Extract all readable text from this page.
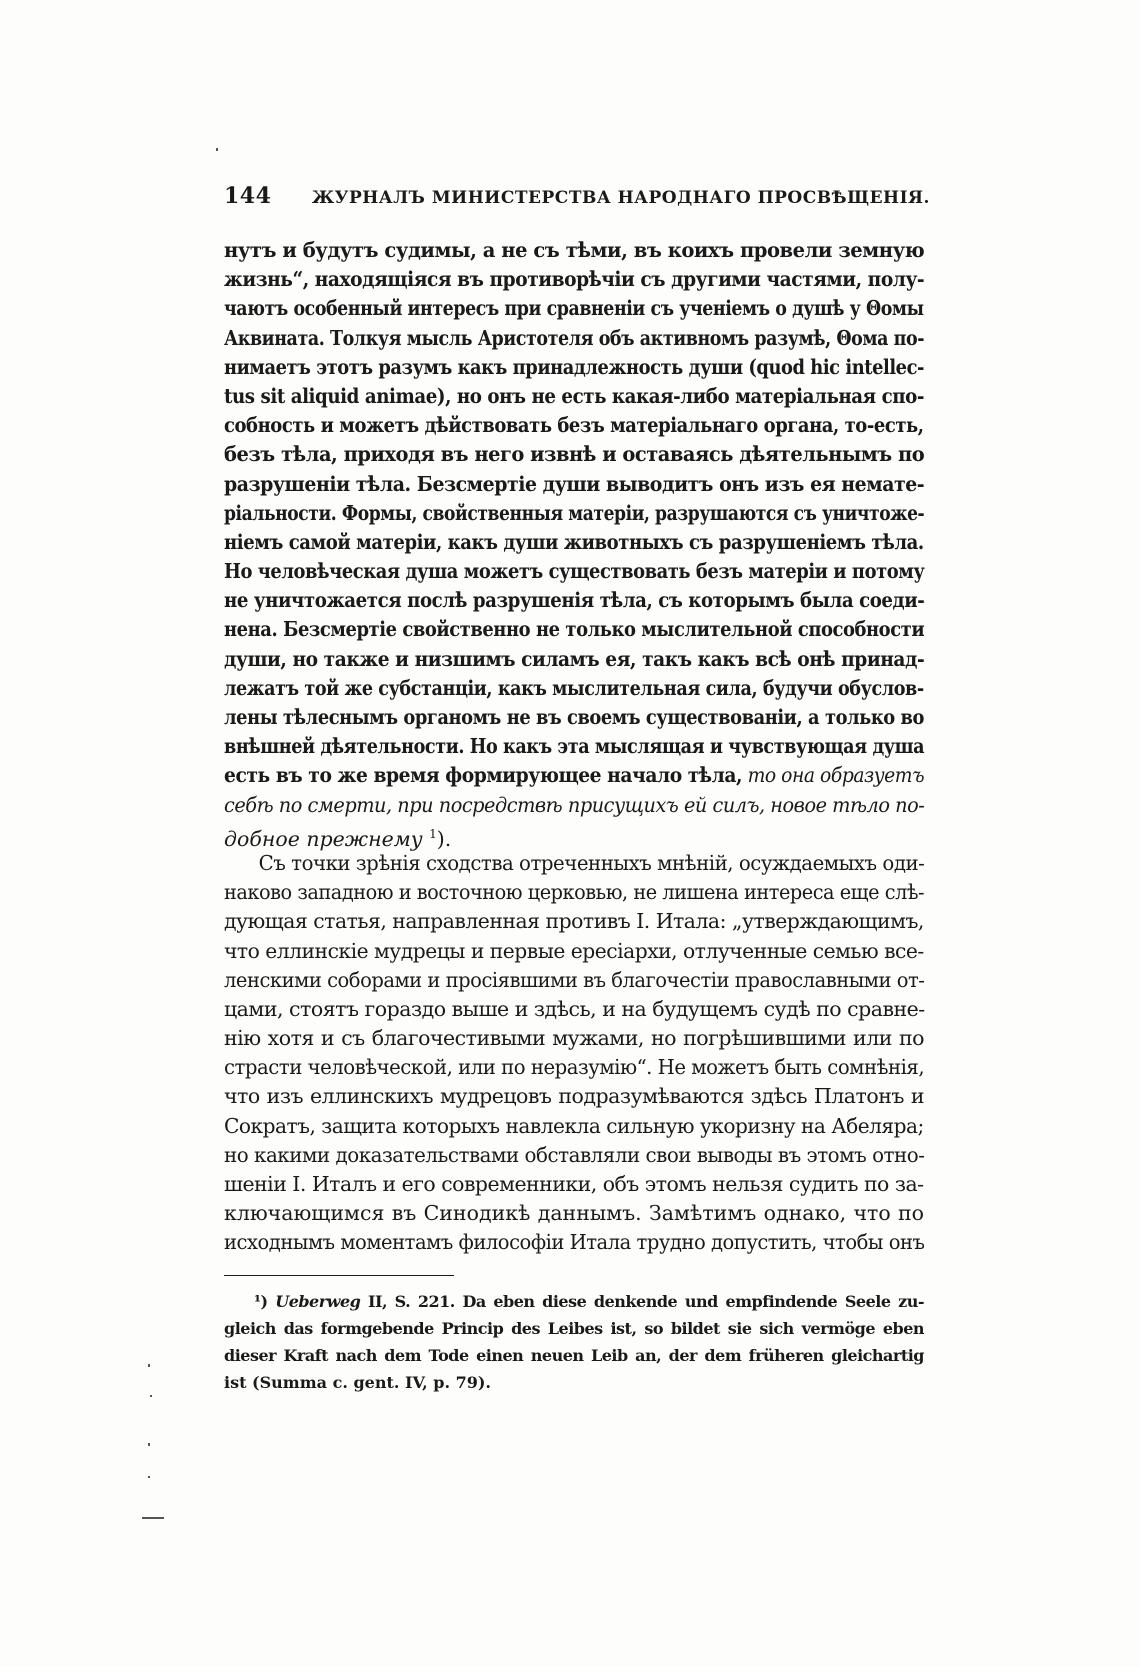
144 ЖУРНАЛЪ МИНИСТЕРСТВА НАРОДНАГО ПРОСВѢЩЕНІЯ.
нутъ и будутъ судимы, а не съ тѣми, въ коихъ провели земную
жизнь“, находящіяся въ противорѣчіи съ другими частями, полу-
чаютъ особенный интересъ при сравненіи съ ученіемъ о душѣ у Θомы
Аквината. Толкуя мысль Аристотеля объ активномъ разумѣ, Θома по-
нимаетъ этотъ разумъ какъ принадлежность души (quod hic intellec-
tus sit aliquid animae), но онъ не есть какая-либо матеріальная спо-
собность и можетъ дѣйствовать безъ матеріальнаго органа, то-есть,
безъ тѣла, приходя въ него извнѣ и оставаясь дѣятельнымъ по
разрушеніи тѣла. Безсмертіе души выводитъ онъ изъ ея немате-
ріальности. Формы, свойственныя матеріи, разрушаются съ уничтоже-
ніемъ самой матеріи, какъ души животныхъ съ разрушеніемъ тѣла.
Но человѣческая душа можетъ существовать безъ матеріи и потому
не уничтожается послѣ разрушенія тѣла, съ которымъ была соеди-
нена. Безсмертіе свойственно не только мыслительной способности
души, но также и низшимъ силамъ ея, такъ какъ всѣ онѣ принад-
лежатъ той же субстанціи, какъ мыслительная сила, будучи обуслов-
лены тѣлеснымъ органомъ не въ своемъ существованіи, а только во
внѣшней дѣятельности. Но какъ эта мыслящая и чувствующая душа
есть въ то же время формирующее начало тѣла, то она образуетъ
себѣ по смерти, при посредствѣ присущихъ ей силъ, новое тѣло по-
добное прежнему $^1$).
Съ точки зрѣнія сходства отреченныхъ мнѣній, осуждаемыхъ оди-
наково западною и восточною церковью, не лишена интереса еще слѣ-
дующая статья, направленная противъ І. Итала: „утверждающимъ,
что еллинскіе мудрецы и первые ересіархи, отлученные семью все-
ленскими соборами и просіявшими въ благочестіи православными от-
цами, стоятъ гораздо выше и здѣсь, и на будущемъ судѣ по сравне-
нію хотя и съ благочестивыми мужами, но погрѣшившими или по
страсти человѣческой, или по неразумію“. Не можетъ быть сомнѣнія,
что изъ еллинскихъ мудрецовъ подразумѣваются здѣсь Платонъ и
Сократъ, защита которыхъ навлекла сильную укоризну на Абеляра;
но какими доказательствами обставляли свои выводы въ этомъ отно-
шеніи І. Италъ и его современники, объ этомъ нельзя судить по за-
ключающимся въ Синодикѣ даннымъ. Замѣтимъ однако, что по
исходнымъ моментамъ философіи Итала трудно допустить, чтобы онъ
¹) Ueberweg II, S. 221. Da eben diese denkende und empfindende Seele zu-
gleich das formgebende Princip des Leibes ist, so bildet sie sich vermöge eben
dieser Kraft nach dem Tode einen neuen Leib an, der dem früheren gleichartig
ist (Summa c. gent. IV, p. 79).
